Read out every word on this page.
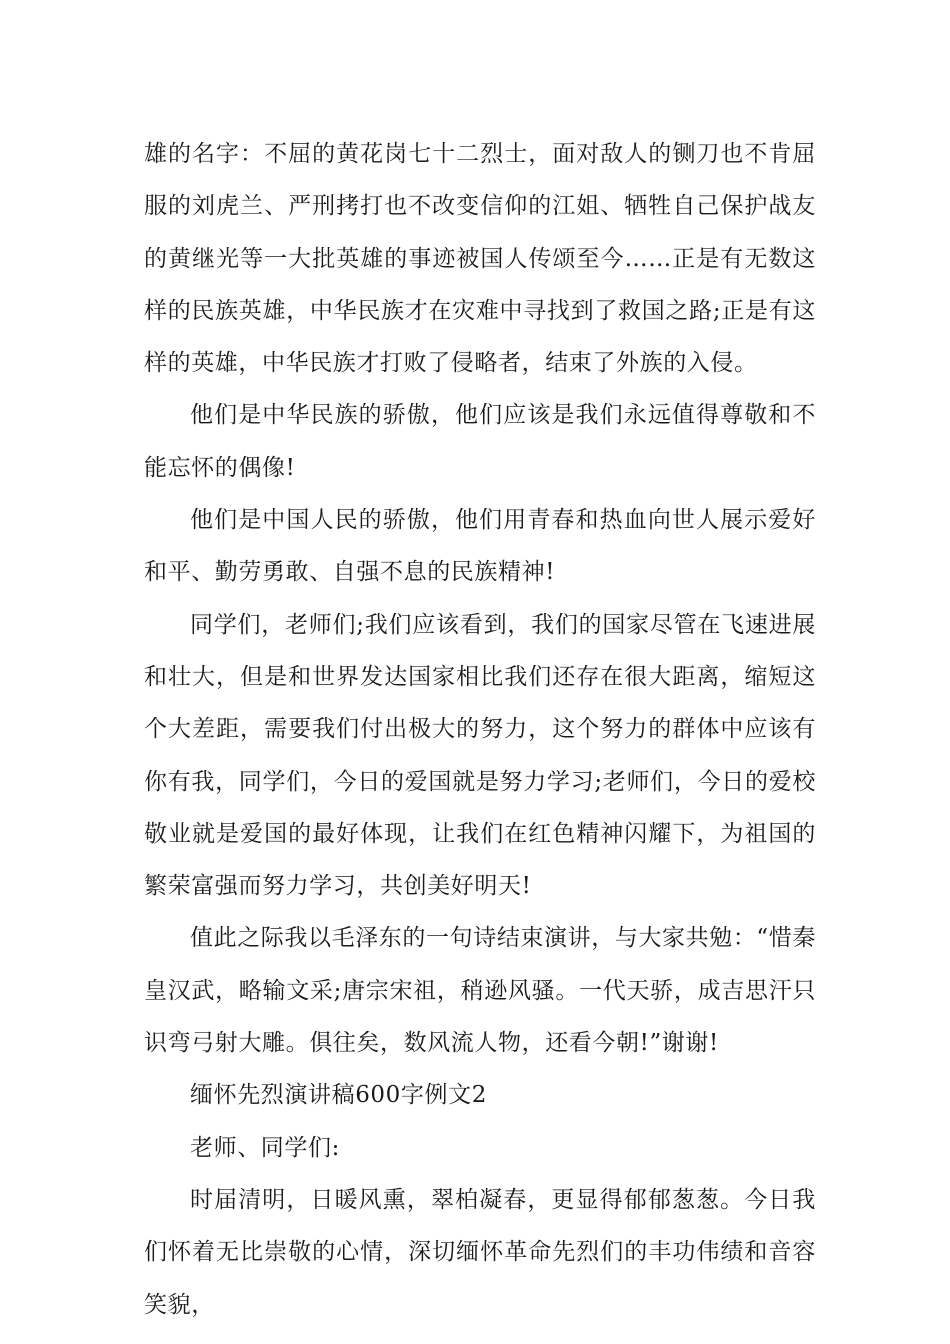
雄的名字：不屈的黄花岗七十二烈士，面对敌人的铡刀也不肯屈服的刘虎兰、严刑拷打也不改变信仰的江姐、牺牲自己保护战友的黄继光等一大批英雄的事迹被国人传颂至今……正是有无数这样的民族英雄，中华民族才在灾难中寻找到了救国之路;正是有这样的英雄，中华民族才打败了侵略者，结束了外族的入侵。

他们是中华民族的骄傲，他们应该是我们永远值得尊敬和不能忘怀的偶像!

他们是中国人民的骄傲，他们用青春和热血向世人展示爱好和平、勤劳勇敢、自强不息的民族精神!

同学们，老师们;我们应该看到，我们的国家尽管在飞速进展和壮大，但是和世界发达国家相比我们还存在很大距离，缩短这个大差距，需要我们付出极大的努力，这个努力的群体中应该有你有我，同学们，今日的爱国就是努力学习;老师们，今日的爱校敬业就是爱国的最好体现，让我们在红色精神闪耀下，为祖国的繁荣富强而努力学习，共创美好明天!

值此之际我以毛泽东的一句诗结束演讲，与大家共勉：“惜秦皇汉武，略输文采;唐宗宋祖，稍逊风骚。一代天骄，成吉思汗只识弯弓射大雕。俱往矣，数风流人物，还看今朝!”谢谢!

缅怀先烈演讲稿600字例文2

老师、同学们:

时届清明，日暖风熏，翠柏凝春，更显得郁郁葱葱。今日我们怀着无比崇敬的心情，深切缅怀革命先烈们的丰功伟绩和音容笑貌，
